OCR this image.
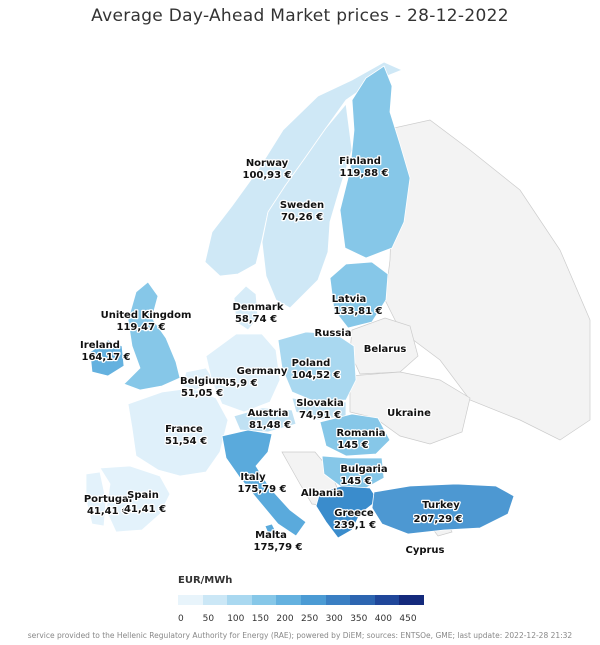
Average Day-Ahead Market prices - 28-12-2022
Norway
100,93 €
Finland
119,88 €
Sweden
70,26 €
Denmark
58,74 €
Latvia
133,81 €
United Kingdom
119,47 €
Ireland
164,17 €
Germany
45,9 €
Belgium
51,05 €
Poland
104,52 €
Slovakia
74,91 €
Austria
81,48 €
France
51,54 €
Romania
145 €
Bulgaria
145 €
Italy
175,79 €
Portugal
41,41 €
Spain
41,41 €	Greece
239,1 €
Turkey
207,29 €
Malta
175,79 €
Russia
Belarus
Ukraine
Albania
Cyprus
EUR/MWh
0 50 100 150 200 250 300 350 400 450
service provided to the Hellenic Regulatory Authority for Energy (RAE); powered by DiEM; sources: ENTSOe, GME; last update: 2022-12-28 21:32
